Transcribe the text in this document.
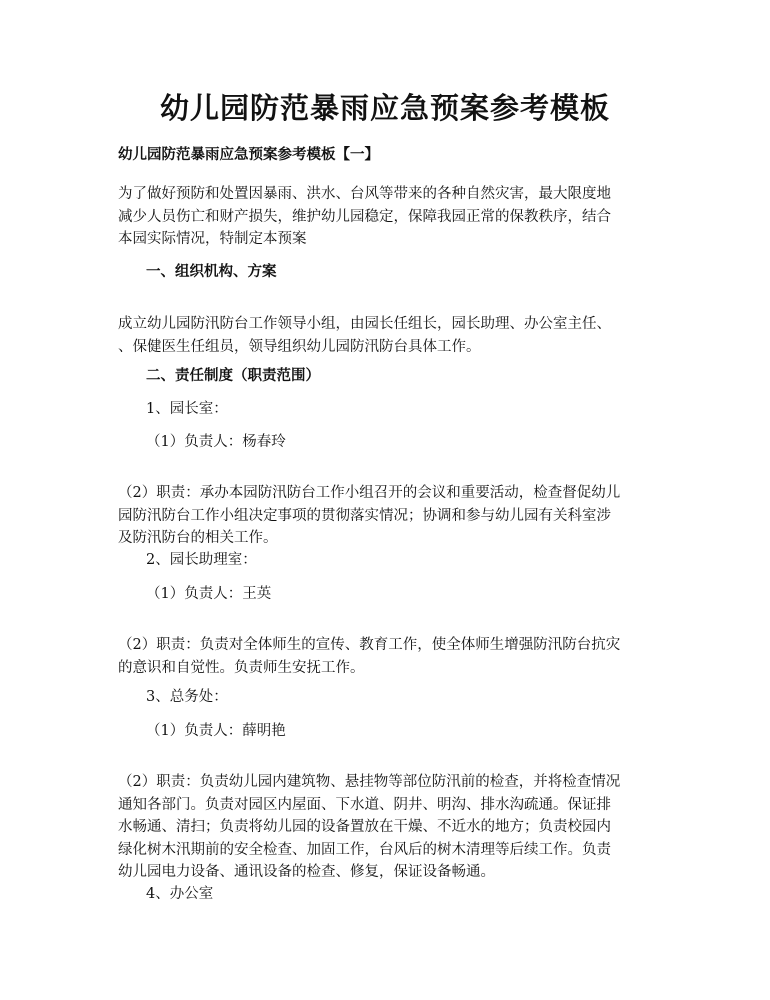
幼儿园防范暴雨应急预案参考模板

幼儿园防范暴雨应急预案参考模板【一】

为了做好预防和处置因暴雨、洪水、台风等带来的各种自然灾害，最大限度地
减少人员伤亡和财产损失，维护幼儿园稳定，保障我园正常的保教秩序，结合
本园实际情况，特制定本预案

一、组织机构、方案

成立幼儿园防汛防台工作领导小组，由园长任组长，园长助理、办公室主任、
、保健医生任组员，领导组织幼儿园防汛防台具体工作。

二、责任制度（职责范围）

1、园长室：

（1）负责人：杨春玲

（2）职责：承办本园防汛防台工作小组召开的会议和重要活动，检查督促幼儿
园防汛防台工作小组决定事项的贯彻落实情况；协调和参与幼儿园有关科室涉
及防汛防台的相关工作。

2、园长助理室：

（1）负责人：王英

（2）职责：负责对全体师生的宣传、教育工作，使全体师生增强防汛防台抗灾
的意识和自觉性。负责师生安抚工作。

3、总务处：

（1）负责人：薛明艳

（2）职责：负责幼儿园内建筑物、悬挂物等部位防汛前的检查，并将检查情况
通知各部门。负责对园区内屋面、下水道、阴井、明沟、排水沟疏通。保证排
水畅通、清扫；负责将幼儿园的设备置放在干燥、不近水的地方；负责校园内
绿化树木汛期前的安全检查、加固工作，台风后的树木清理等后续工作。负责
幼儿园电力设备、通讯设备的检查、修复，保证设备畅通。

4、办公室
